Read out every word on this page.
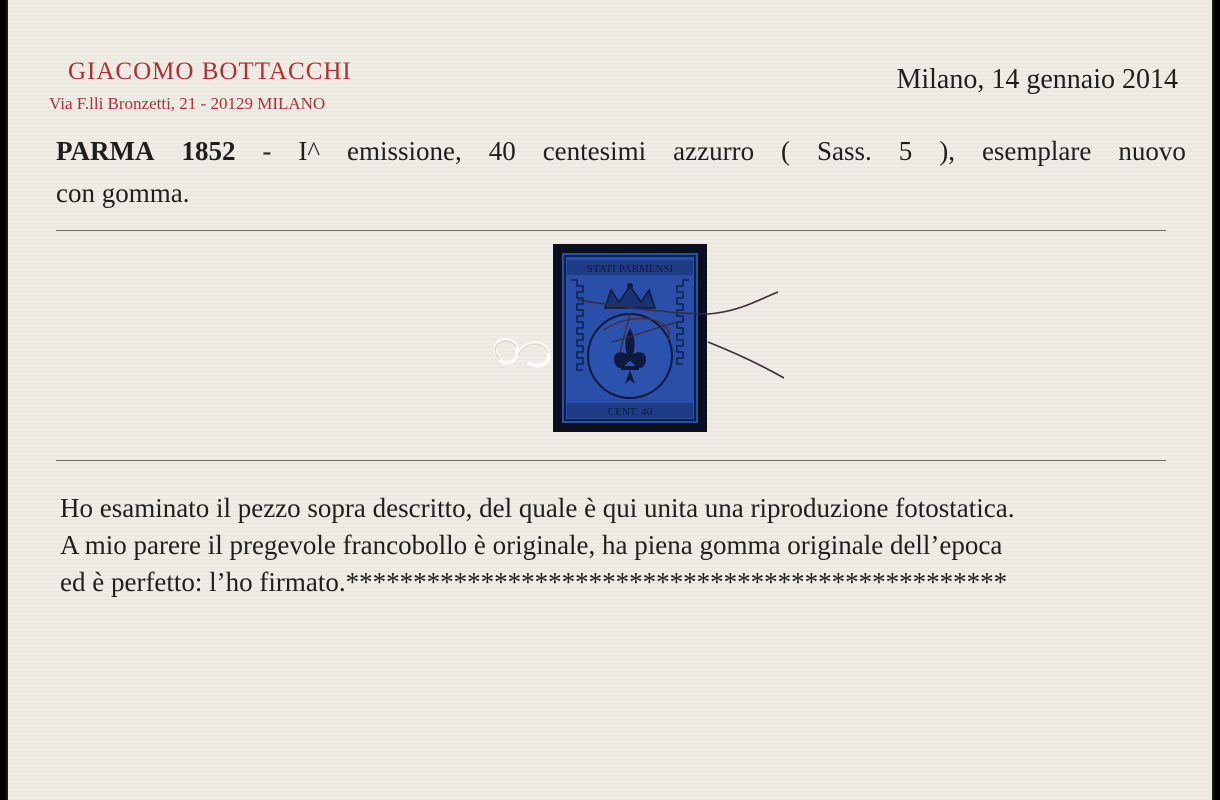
GIACOMO BOTTACCHI
Via F.lli Bronzetti, 21 - 20129 MILANO
Milano, 14 gennaio 2014
PARMA 1852 - I^ emissione, 40 centesimi azzurro ( Sass. 5 ), esemplare nuovo
con gomma.
STATI PARMENSI
CENT. 40
Ho esaminato il pezzo sopra descritto, del quale è qui unita una riproduzione fotostatica.
A mio parere il pregevole francobollo è originale, ha piena gomma originale dell’epoca
ed è perfetto: l’ho firmato.*************************************************
